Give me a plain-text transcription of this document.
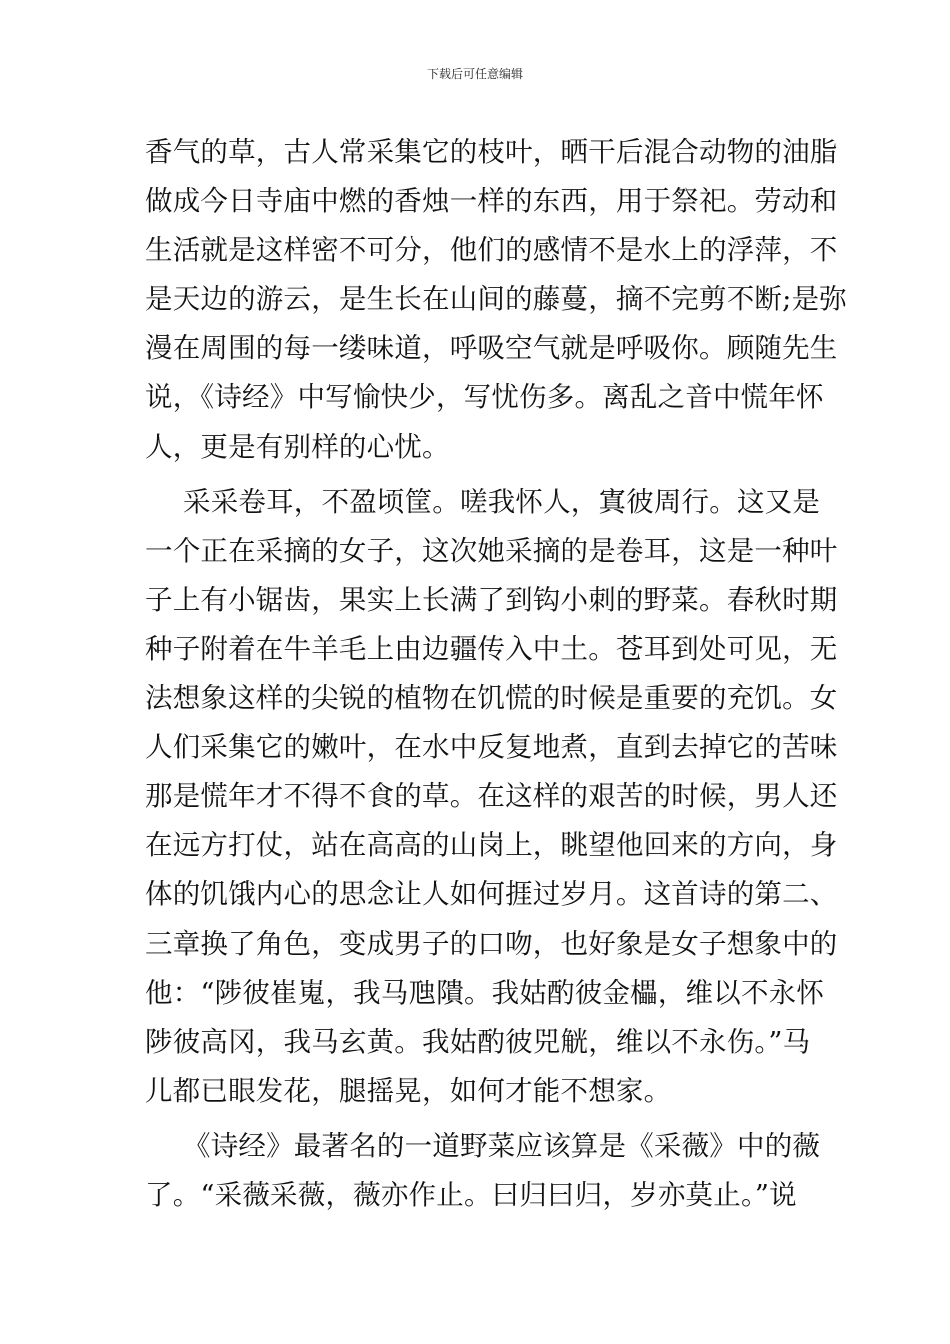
下载后可任意编辑
香气的草，古人常采集它的枝叶，晒干后混合动物的油脂
做成今日寺庙中燃的香烛一样的东西，用于祭祀。劳动和
生活就是这样密不可分，他们的感情不是水上的浮萍，不
是天边的游云，是生长在山间的藤蔓，摘不完剪不断;是弥
漫在周围的每一缕味道，呼吸空气就是呼吸你。顾随先生
说，《诗经》中写愉快少，写忧伤多。离乱之音中慌年怀
人，更是有别样的心忧。
采采卷耳，不盈顷筐。嗟我怀人，寘彼周行。这又是
一个正在采摘的女子，这次她采摘的是卷耳，这是一种叶
子上有小锯齿，果实上长满了到钩小刺的野菜。春秋时期
种子附着在牛羊毛上由边疆传入中土。苍耳到处可见，无
法想象这样的尖锐的植物在饥慌的时候是重要的充饥。女
人们采集它的嫩叶，在水中反复地煮，直到去掉它的苦味
那是慌年才不得不食的草。在这样的艰苦的时候，男人还
在远方打仗，站在高高的山岗上，眺望他回来的方向，身
体的饥饿内心的思念让人如何捱过岁月。这首诗的第二、
三章换了角色，变成男子的口吻，也好象是女子想象中的
他：“陟彼崔嵬，我马虺隤。我姑酌彼金櫑，维以不永怀
陟彼高冈，我马玄黄。我姑酌彼兕觥，维以不永伤。”马
儿都已眼发花，腿摇晃，如何才能不想家。
《诗经》最著名的一道野菜应该算是《采薇》中的薇
了。“采薇采薇，薇亦作止。曰归曰归，岁亦莫止。”说
